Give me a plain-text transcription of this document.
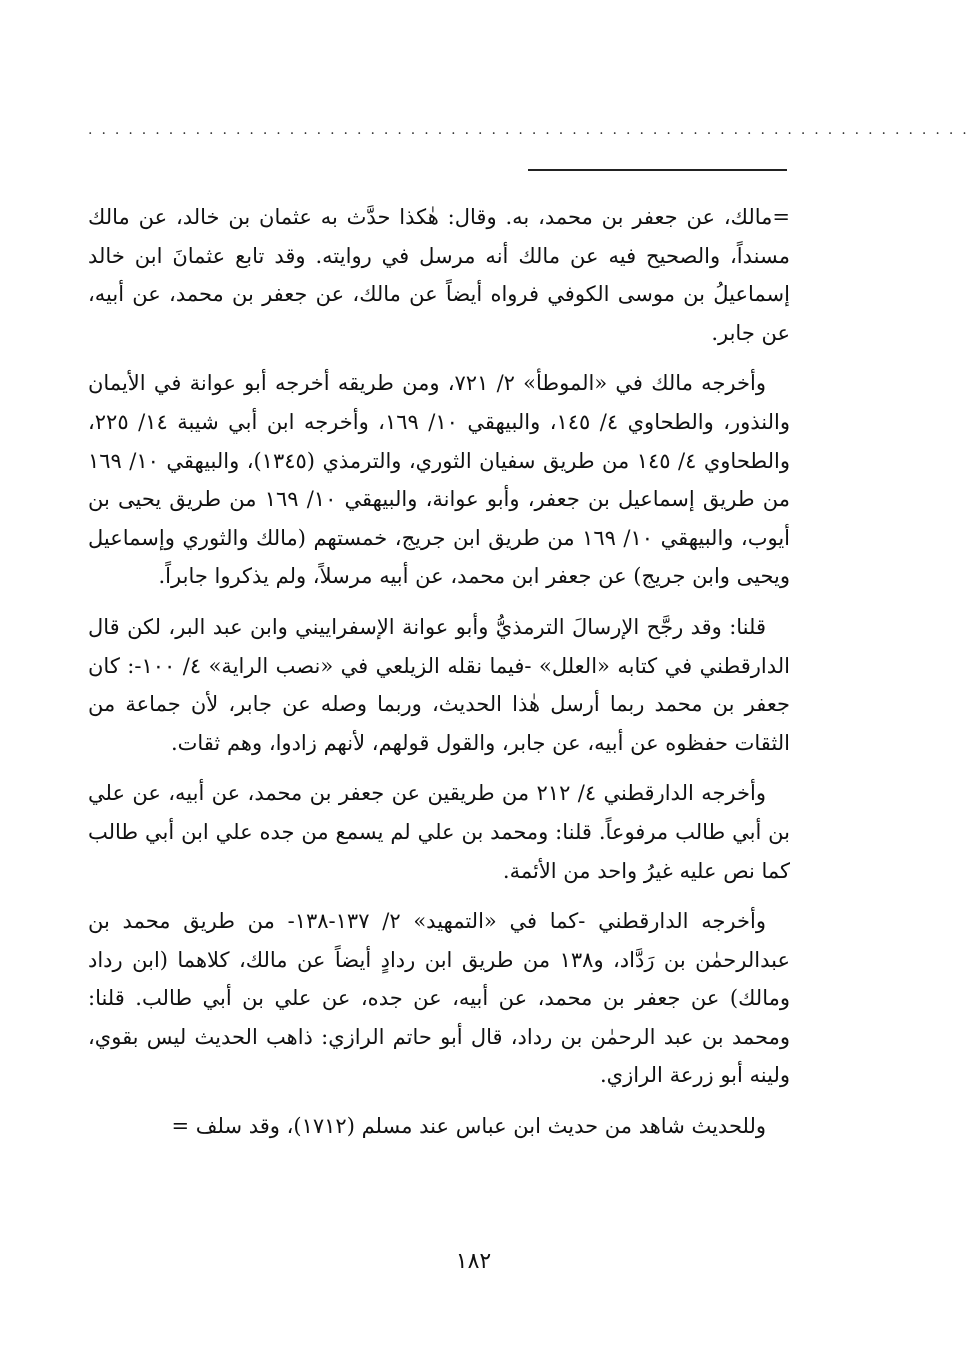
..................................................................

=مالك، عن جعفر بن محمد، به. وقال: هٰكذا حدَّث به عثمان بن خالد، عن مالك مسنداً، والصحيح فيه عن مالك أنه مرسل في روايته. وقد تابع عثمانَ ابن خالد إسماعيلُ بن موسى الكوفي فرواه أيضاً عن مالك، عن جعفر بن محمد، عن أبيه، عن جابر.

وأخرجه مالك في «الموطأ» ٢/ ٧٢١، ومن طريقه أخرجه أبو عوانة في الأيمان والنذور، والطحاوي ٤/ ١٤٥، والبيهقي ١٠/ ١٦٩، وأخرجه ابن أبي شيبة ١٤/ ٢٢٥، والطحاوي ٤/ ١٤٥ من طريق سفيان الثوري، والترمذي (١٣٤٥)، والبيهقي ١٠/ ١٦٩ من طريق إسماعيل بن جعفر، وأبو عوانة، والبيهقي ١٠/ ١٦٩ من طريق يحيى بن أيوب، والبيهقي ١٠/ ١٦٩ من طريق ابن جريج، خمستهم (مالك والثوري وإسماعيل ويحيى وابن جريج) عن جعفر ابن محمد، عن أبيه مرسلاً، ولم يذكروا جابراً.

قلنا: وقد رجَّح الإرسالَ الترمذيُّ وأبو عوانة الإسفراييني وابن عبد البر، لكن قال الدارقطني في كتابه «العلل» -فيما نقله الزيلعي في «نصب الراية» ٤/ ١٠٠-: كان جعفر بن محمد ربما أرسل هٰذا الحديث، وربما وصله عن جابر، لأن جماعة من الثقات حفظوه عن أبيه، عن جابر، والقول قولهم، لأنهم زادوا، وهم ثقات.

وأخرجه الدارقطني ٤/ ٢١٢ من طريقين عن جعفر بن محمد، عن أبيه، عن علي بن أبي طالب مرفوعاً. قلنا: ومحمد بن علي لم يسمع من جده علي ابن أبي طالب كما نص عليه غيرُ واحد من الأئمة.

وأخرجه الدارقطني -كما في «التمهيد» ٢/ ١٣٧-١٣٨- من طريق محمد بن عبدالرحمٰن بن رَدَّاد، و١٣٨ من طريق ابن ردادٍ أيضاً عن مالك، كلاهما (ابن رداد ومالك) عن جعفر بن محمد، عن أبيه، عن جده، عن علي بن أبي طالب. قلنا: ومحمد بن عبد الرحمٰن بن رداد، قال أبو حاتم الرازي: ذاهب الحديث ليس بقوي، ولينه أبو زرعة الرازي.

وللحديث شاهد من حديث ابن عباس عند مسلم (١٧١٢)، وقد سلف =

١٨٢
